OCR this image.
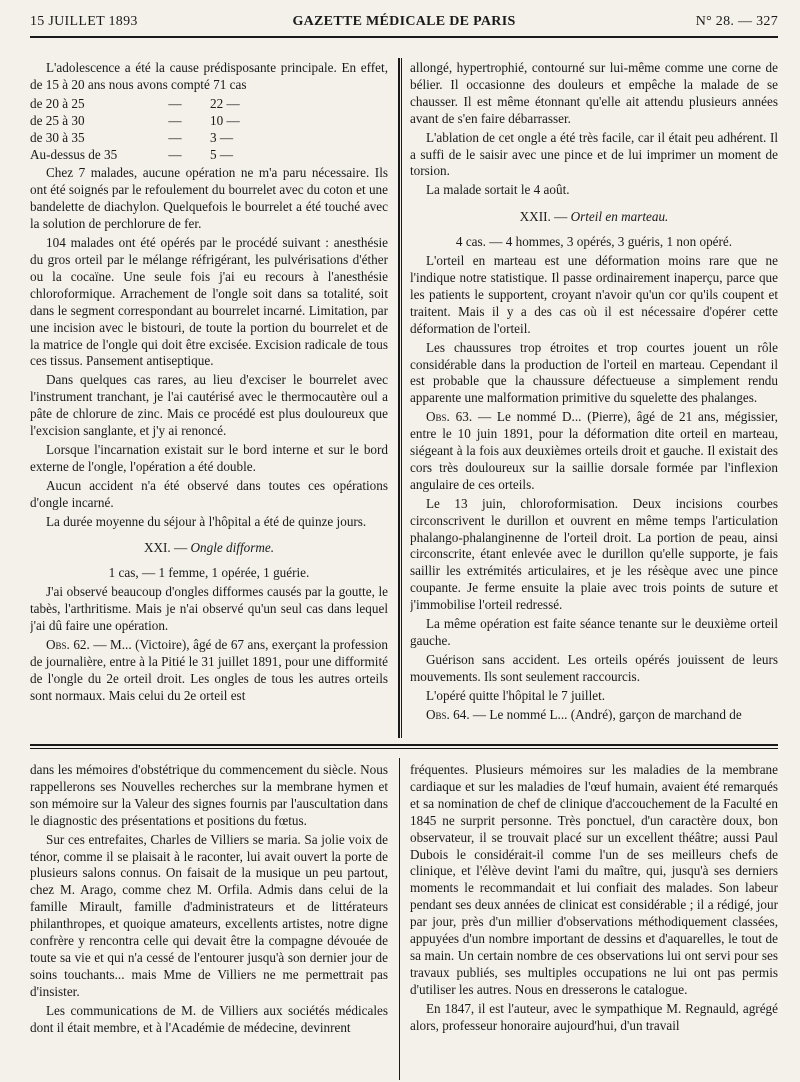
15 JUILLET 1893	GAZETTE MÉDICALE DE PARIS	N° 28. — 327

L'adolescence a été la cause prédisposante principale. En effet, de 15 à 20 ans nous avons compté 71 cas

de 20 à 25	—	22 —
de 25 à 30	—	10 —
de 30 à 35	—	3 —
Au-dessus de 35	—	5 —

Chez 7 malades, aucune opération ne m'a paru nécessaire. Ils ont été soignés par le refoulement du bourrelet avec du coton et une bandelette de diachylon. Quelquefois le bourrelet a été touché avec la solution de perchlorure de fer.

104 malades ont été opérés par le procédé suivant : anesthésie du gros orteil par le mélange réfrigérant, les pulvérisations d'éther ou la cocaïne. Une seule fois j'ai eu recours à l'anesthésie chloroformique. Arrachement de l'ongle soit dans sa totalité, soit dans le segment correspondant au bourrelet incarné. Limitation, par une incision avec le bistouri, de toute la portion du bourrelet et de la matrice de l'ongle qui doit être excisée. Excision radicale de tous ces tissus. Pansement antiseptique.

Dans quelques cas rares, au lieu d'exciser le bourrelet avec l'instrument tranchant, je l'ai cautérisé avec le thermocautère oul a pâte de chlorure de zinc. Mais ce procédé est plus douloureux que l'excision sanglante, et j'y ai renoncé.

Lorsque l'incarnation existait sur le bord interne et sur le bord externe de l'ongle, l'opération a été double.

Aucun accident n'a été observé dans toutes ces opérations d'ongle incarné.

La durée moyenne du séjour à l'hôpital a été de quinze jours.

XXI. — Ongle difforme.

1 cas, — 1 femme, 1 opérée, 1 guérie.

J'ai observé beaucoup d'ongles difformes causés par la goutte, le tabès, l'arthritisme. Mais je n'ai observé qu'un seul cas dans lequel j'ai dû faire une opération.

Obs. 62. — M... (Victoire), âgé de 67 ans, exerçant la profession de journalière, entre à la Pitié le 31 juillet 1891, pour une difformité de l'ongle du 2e orteil droit. Les ongles de tous les autres orteils sont normaux. Mais celui du 2e orteil est

allongé, hypertrophié, contourné sur lui-même comme une corne de bélier. Il occasionne des douleurs et empêche la malade de se chausser. Il est même étonnant qu'elle ait attendu plusieurs années avant de s'en faire débarrasser.

L'ablation de cet ongle a été très facile, car il était peu adhérent. Il a suffi de le saisir avec une pince et de lui imprimer un moment de torsion.

La malade sortait le 4 août.

XXII. — Orteil en marteau.

4 cas. — 4 hommes, 3 opérés, 3 guéris, 1 non opéré.

L'orteil en marteau est une déformation moins rare que ne l'indique notre statistique. Il passe ordinairement inaperçu, parce que les patients le supportent, croyant n'avoir qu'un cor qu'ils coupent et traitent. Mais il y a des cas où il est nécessaire d'opérer cette déformation de l'orteil.

Les chaussures trop étroites et trop courtes jouent un rôle considérable dans la production de l'orteil en marteau. Cependant il est probable que la chaussure défectueuse a simplement rendu apparente une malformation primitive du squelette des phalanges.

Obs. 63. — Le nommé D... (Pierre), âgé de 21 ans, mégissier, entre le 10 juin 1891, pour la déformation dite orteil en marteau, siégeant à la fois aux deuxièmes orteils droit et gauche. Il existait des cors très douloureux sur la saillie dorsale formée par l'inflexion angulaire de ces orteils.

Le 13 juin, chloroformisation. Deux incisions courbes circonscrivent le durillon et ouvrent en même temps l'articulation phalango-phalanginenne de l'orteil droit. La portion de peau, ainsi circonscrite, étant enlevée avec le durillon qu'elle supporte, je fais saillir les extrémités articulaires, et je les résèque avec une pince coupante. Je ferme ensuite la plaie avec trois points de suture et j'immobilise l'orteil redressé.

La même opération est faite séance tenante sur le deuxième orteil gauche.

Guérison sans accident. Les orteils opérés jouissent de leurs mouvements. Ils sont seulement raccourcis.

L'opéré quitte l'hôpital le 7 juillet.

Obs. 64. — Le nommé L... (André), garçon de marchand de

dans les mémoires d'obstétrique du commencement du siècle. Nous rappellerons ses Nouvelles recherches sur la membrane hymen et son mémoire sur la Valeur des signes fournis par l'auscultation dans le diagnostic des présentations et positions du fœtus.

Sur ces entrefaites, Charles de Villiers se maria. Sa jolie voix de ténor, comme il se plaisait à le raconter, lui avait ouvert la porte de plusieurs salons connus. On faisait de la musique un peu partout, chez M. Arago, comme chez M. Orfila. Admis dans celui de la famille Mirault, famille d'administrateurs et de littérateurs philanthropes, et quoique amateurs, excellents artistes, notre digne confrère y rencontra celle qui devait être la compagne dévouée de toute sa vie et qui n'a cessé de l'entourer jusqu'à son dernier jour de soins touchants... mais Mme de Villiers ne me permettrait pas d'insister.

Les communications de M. de Villiers aux sociétés médicales dont il était membre, et à l'Académie de médecine, devinrent

fréquentes. Plusieurs mémoires sur les maladies de la membrane cardiaque et sur les maladies de l'œuf humain, avaient été remarqués et sa nomination de chef de clinique d'accouchement de la Faculté en 1845 ne surprit personne. Très ponctuel, d'un caractère doux, bon observateur, il se trouvait placé sur un excellent théâtre; aussi Paul Dubois le considérait-il comme l'un de ses meilleurs chefs de clinique, et l'élève devint l'ami du maître, qui, jusqu'à ses derniers moments le recommandait et lui confiait des malades. Son labeur pendant ses deux années de clinicat est considérable ; il a rédigé, jour par jour, près d'un millier d'observations méthodiquement classées, appuyées d'un nombre important de dessins et d'aquarelles, le tout de sa main. Un certain nombre de ces observations lui ont servi pour ses travaux publiés, ses multiples occupations ne lui ont pas permis d'utiliser les autres. Nous en dresserons le catalogue.

En 1847, il est l'auteur, avec le sympathique M. Regnauld, agrégé alors, professeur honoraire aujourd'hui, d'un travail
